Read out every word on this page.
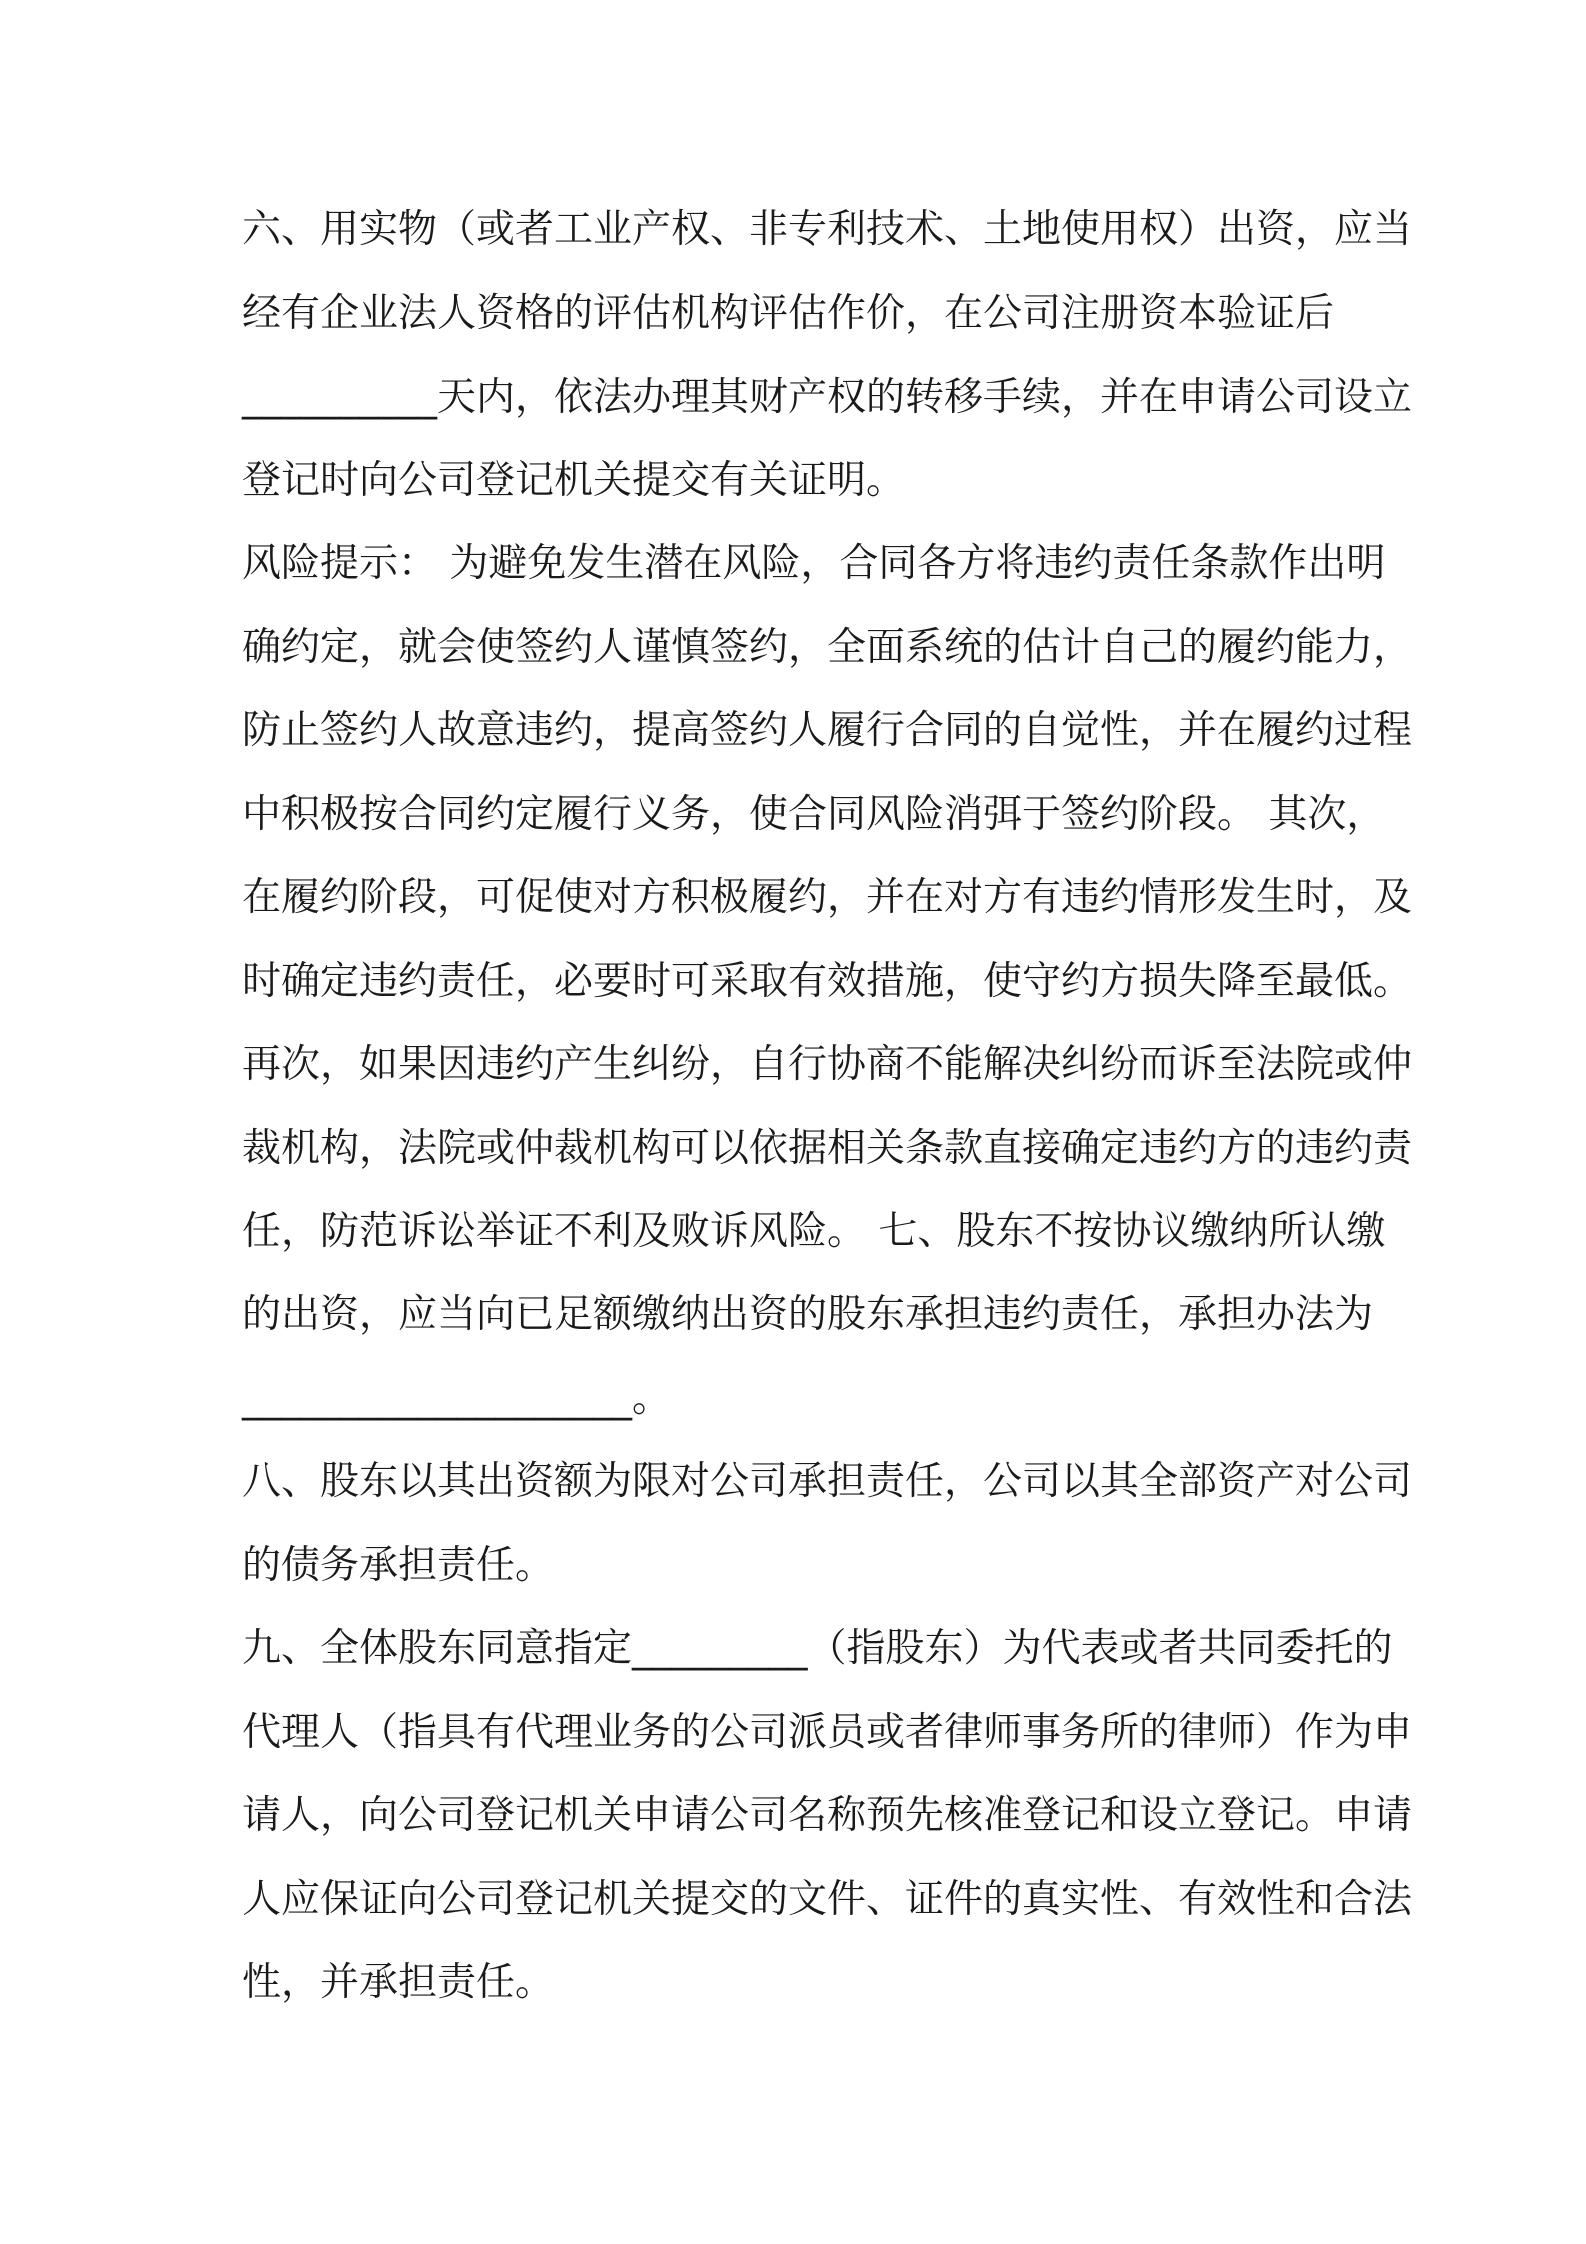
六、用实物（或者工业产权、非专利技术、土地使用权）出资，应当
经有企业法人资格的评估机构评估作价，在公司注册资本验证后
__________天内，依法办理其财产权的转移手续，并在申请公司设立
登记时向公司登记机关提交有关证明。
风险提示： 为避免发生潜在风险，合同各方将违约责任条款作出明
确约定，就会使签约人谨慎签约，全面系统的估计自己的履约能力，
防止签约人故意违约，提高签约人履行合同的自觉性，并在履约过程
中积极按合同约定履行义务，使合同风险消弭于签约阶段。 其次，
在履约阶段，可促使对方积极履约，并在对方有违约情形发生时，及
时确定违约责任，必要时可采取有效措施，使守约方损失降至最低。
再次，如果因违约产生纠纷，自行协商不能解决纠纷而诉至法院或仲
裁机构，法院或仲裁机构可以依据相关条款直接确定违约方的违约责
任，防范诉讼举证不利及败诉风险。 七、股东不按协议缴纳所认缴
的出资，应当向已足额缴纳出资的股东承担违约责任，承担办法为
____________________。
八、股东以其出资额为限对公司承担责任，公司以其全部资产对公司
的债务承担责任。
九、全体股东同意指定_________（指股东）为代表或者共同委托的
代理人（指具有代理业务的公司派员或者律师事务所的律师）作为申
请人，向公司登记机关申请公司名称预先核准登记和设立登记。申请
人应保证向公司登记机关提交的文件、证件的真实性、有效性和合法
性，并承担责任。
